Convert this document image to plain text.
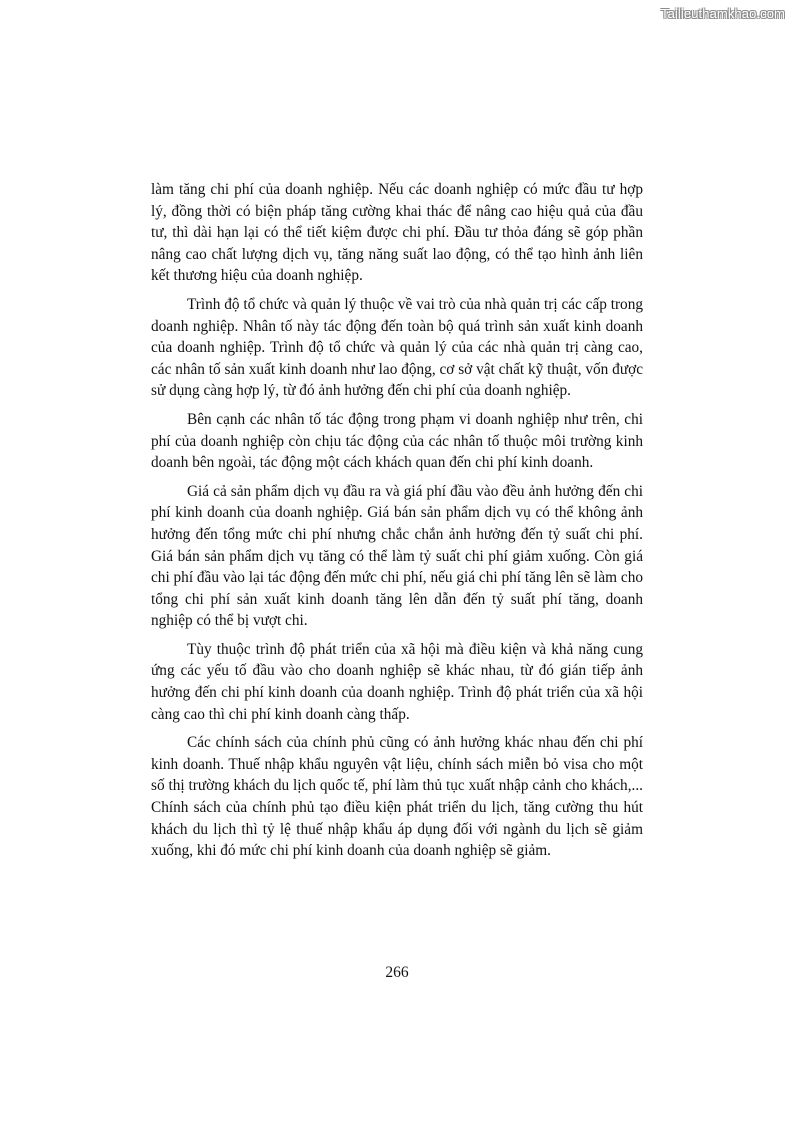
Tailieuthamkhao.com

làm tăng chi phí của doanh nghiệp. Nếu các doanh nghiệp có mức đầu tư hợp lý, đồng thời có biện pháp tăng cường khai thác để nâng cao hiệu quả của đầu tư, thì dài hạn lại có thể tiết kiệm được chi phí. Đầu tư thỏa đáng sẽ góp phần nâng cao chất lượng dịch vụ, tăng năng suất lao động, có thể tạo hình ảnh liên kết thương hiệu của doanh nghiệp.

Trình độ tổ chức và quản lý thuộc về vai trò của nhà quản trị các cấp trong doanh nghiệp. Nhân tố này tác động đến toàn bộ quá trình sản xuất kinh doanh của doanh nghiệp. Trình độ tổ chức và quản lý của các nhà quản trị càng cao, các nhân tố sản xuất kinh doanh như lao động, cơ sở vật chất kỹ thuật, vốn được sử dụng càng hợp lý, từ đó ảnh hưởng đến chi phí của doanh nghiệp.

Bên cạnh các nhân tố tác động trong phạm vi doanh nghiệp như trên, chi phí của doanh nghiệp còn chịu tác động của các nhân tố thuộc môi trường kinh doanh bên ngoài, tác động một cách khách quan đến chi phí kinh doanh.

Giá cả sản phẩm dịch vụ đầu ra và giá phí đầu vào đều ảnh hưởng đến chi phí kinh doanh của doanh nghiệp. Giá bán sản phẩm dịch vụ có thể không ảnh hưởng đến tổng mức chi phí nhưng chắc chắn ảnh hưởng đến tỷ suất chi phí. Giá bán sản phẩm dịch vụ tăng có thể làm tỷ suất chi phí giảm xuống. Còn giá chi phí đầu vào lại tác động đến mức chi phí, nếu giá chi phí tăng lên sẽ làm cho tổng chi phí sản xuất kinh doanh tăng lên dẫn đến tỷ suất phí tăng, doanh nghiệp có thể bị vượt chi.

Tùy thuộc trình độ phát triển của xã hội mà điều kiện và khả năng cung ứng các yếu tố đầu vào cho doanh nghiệp sẽ khác nhau, từ đó gián tiếp ảnh hưởng đến chi phí kinh doanh của doanh nghiệp. Trình độ phát triển của xã hội càng cao thì chi phí kinh doanh càng thấp.

Các chính sách của chính phủ cũng có ảnh hưởng khác nhau đến chi phí kinh doanh. Thuế nhập khẩu nguyên vật liệu, chính sách miễn bỏ visa cho một số thị trường khách du lịch quốc tế, phí làm thủ tục xuất nhập cảnh cho khách,... Chính sách của chính phủ tạo điều kiện phát triển du lịch, tăng cường thu hút khách du lịch thì tỷ lệ thuế nhập khẩu áp dụng đối với ngành du lịch sẽ giảm xuống, khi đó mức chi phí kinh doanh của doanh nghiệp sẽ giảm.

266
